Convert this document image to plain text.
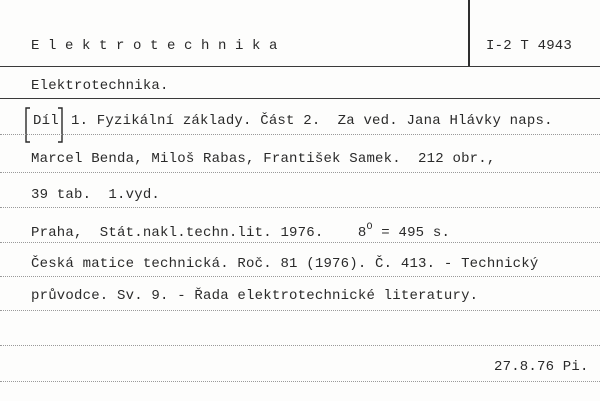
Elektrotechnika	I-2 T 4943
Elektrotechnika.
Díl 1. Fyzikální základy. Část 2.  Za ved. Jana Hlávky naps.
Marcel Benda, Miloš Rabas, František Samek.  212 obr.,
39 tab.  1.vyd.
Praha,  Stát.nakl.techn.lit. 1976.    $8^O = 495$ s.
Česká matice technická. Roč. 81 (1976). Č. 413. - Technický
průvodce. Sv. 9. - Řada elektrotechnické literatury.
27.8.76 Pi.
